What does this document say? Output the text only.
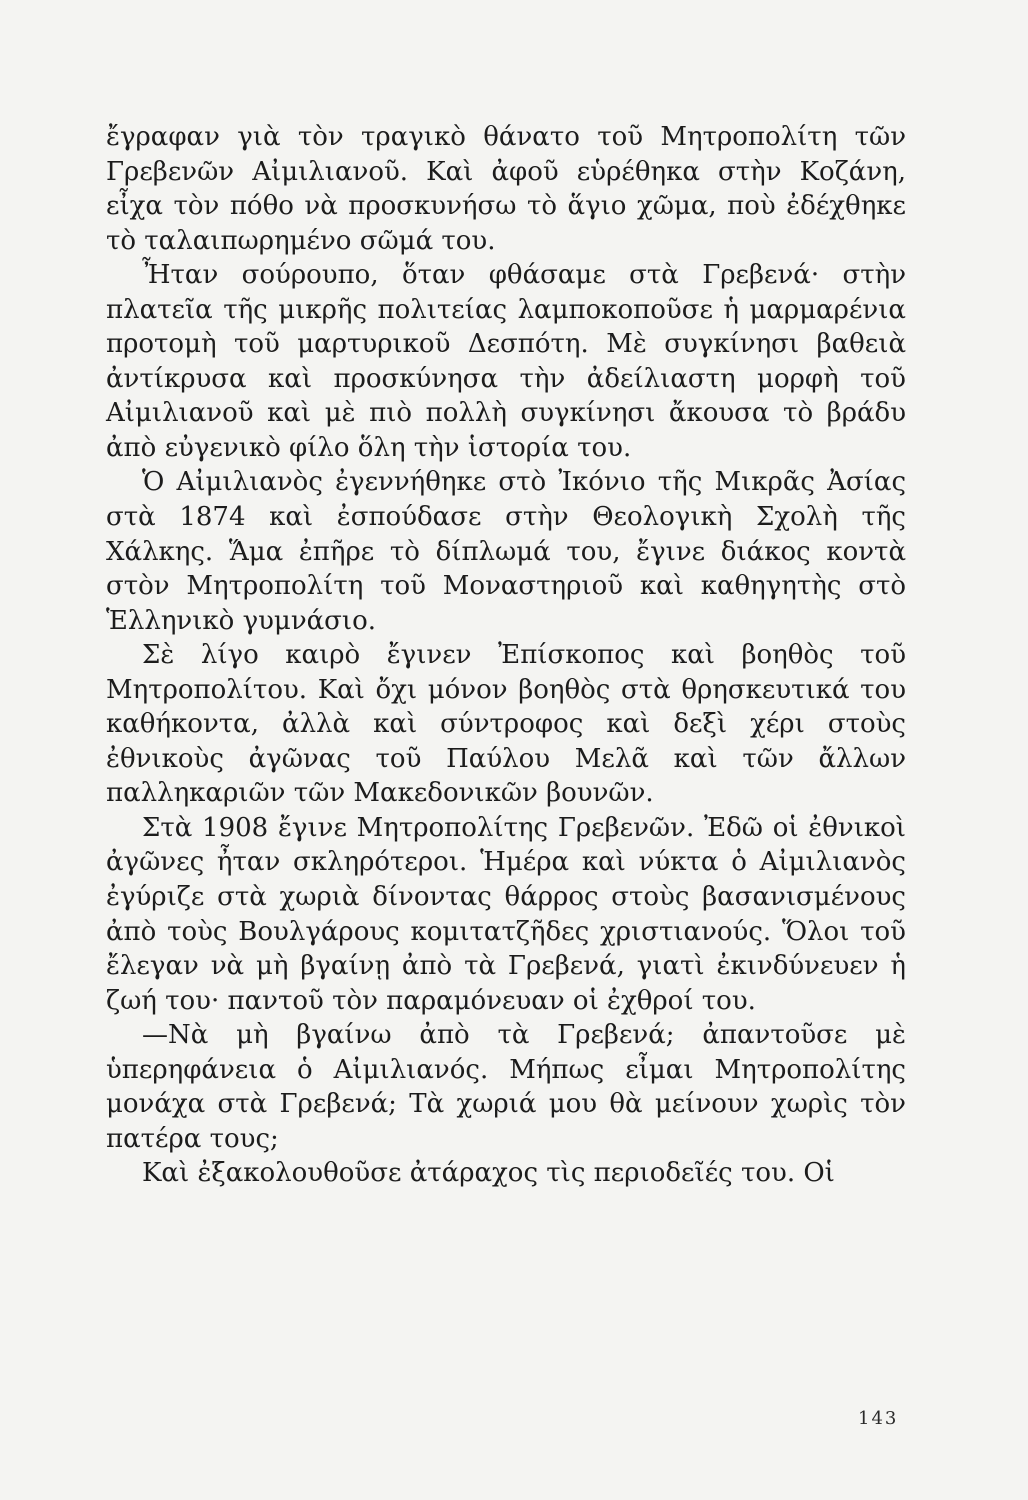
ἔγραφαν γιὰ τὸν τραγικὸ θάνατο τοῦ Μητροπολίτη τῶν Γρεβενῶν Αἰμιλιανοῦ. Καὶ ἀφοῦ εὑρέθηκα στὴν Κοζάνη, εἶχα τὸν πόθο νὰ προσκυνήσω τὸ ἅγιο χῶμα, ποὺ ἐδέχθηκε τὸ ταλαιπωρημένο σῶμά του.

Ἦταν σούρουπο, ὅταν φθάσαμε στὰ Γρεβενά· στὴν πλατεῖα τῆς μικρῆς πολιτείας λαμποκοποῦσε ἡ μαρμαρένια προτομὴ τοῦ μαρτυρικοῦ Δεσπότη. Μὲ συγκίνησι βαθειὰ ἀντίκρυσα καὶ προσκύνησα τὴν ἀδείλιαστη μορφὴ τοῦ Αἰμιλιανοῦ καὶ μὲ πιὸ πολλὴ συγκίνησι ἄκουσα τὸ βράδυ ἀπὸ εὐγενικὸ φίλο ὅλη τὴν ἱστορία του.

Ὁ Αἰμιλιανὸς ἐγεννήθηκε στὸ Ἰκόνιο τῆς Μικρᾶς Ἀσίας στὰ 1874 καὶ ἐσπούδασε στὴν Θεολογικὴ Σχολὴ τῆς Χάλκης. Ἅμα ἐπῆρε τὸ δίπλωμά του, ἔγινε διάκος κοντὰ στὸν Μητροπολίτη τοῦ Μοναστηριοῦ καὶ καθηγητὴς στὸ Ἑλληνικὸ γυμνάσιο.

Σὲ λίγο καιρὸ ἔγινεν Ἐπίσκοπος καὶ βοηθὸς τοῦ Μητροπολίτου. Καὶ ὄχι μόνον βοηθὸς στὰ θρησκευτικά του καθήκοντα, ἀλλὰ καὶ σύντροφος καὶ δεξὶ χέρι στοὺς ἐθνικοὺς ἀγῶνας τοῦ Παύλου Μελᾶ καὶ τῶν ἄλλων παλληκαριῶν τῶν Μακεδονικῶν βουνῶν.

Στὰ 1908 ἔγινε Μητροπολίτης Γρεβενῶν. Ἐδῶ οἱ ἐθνικοὶ ἀγῶνες ἦταν σκληρότεροι. Ἡμέρα καὶ νύκτα ὁ Αἰμιλιανὸς ἐγύριζε στὰ χωριὰ δίνοντας θάρρος στοὺς βασανισμένους ἀπὸ τοὺς Βουλγάρους κομιτατζῆδες χριστιανούς. Ὅλοι τοῦ ἔλεγαν νὰ μὴ βγαίνῃ ἀπὸ τὰ Γρεβενά, γιατὶ ἐκινδύνευεν ἡ ζωή του· παντοῦ τὸν παραμόνευαν οἱ ἐχθροί του.

—Νὰ μὴ βγαίνω ἀπὸ τὰ Γρεβενά; ἀπαντοῦσε μὲ ὑπερηφάνεια ὁ Αἰμιλιανός. Μήπως εἶμαι Μητροπολίτης μονάχα στὰ Γρεβενά; Τὰ χωριά μου θὰ μείνουν χωρὶς τὸν πατέρα τους;

Καὶ ἐξακολουθοῦσε ἀτάραχος τὶς περιοδεῖές του. Οἱ

143
